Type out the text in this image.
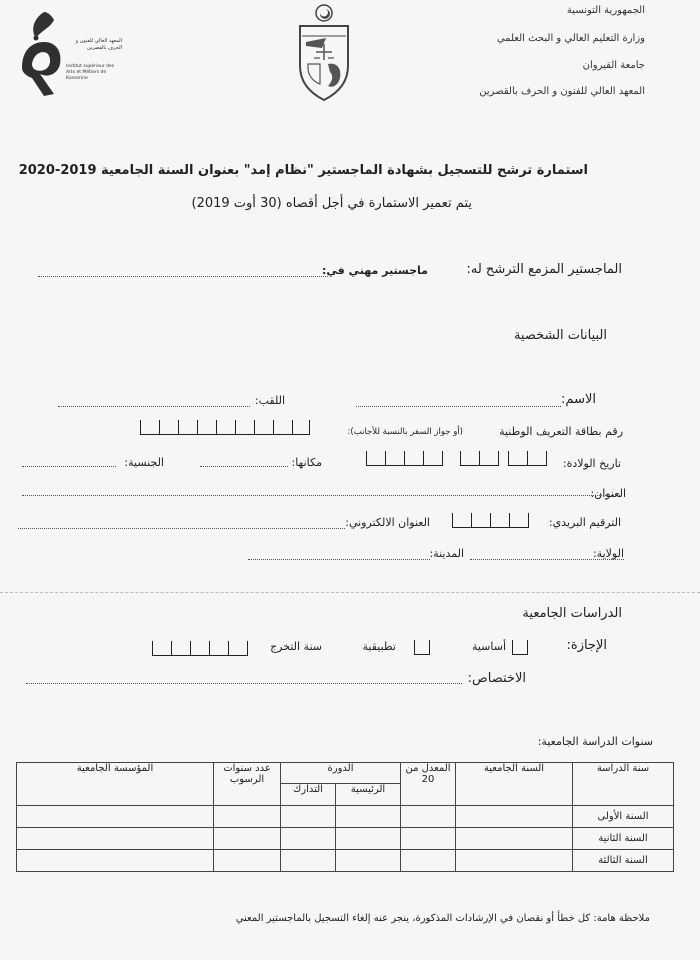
الجمهورية التونسية
وزارة التعليم العالي و البحث العلمي
جامعة القيروان
المعهد العالي للفنون و الحرف بالقصرين
المعهد العالي للفنون و الحرف بالقصرين
Institut supérieur des Arts et Métiers de Kasserine
استمارة ترشح للتسجيل بشهادة الماجستير "نظام إمد" بعنوان السنة الجامعية 2019-2020
يتم تعمير الاستمارة في أجل أقصاه (30 أوت 2019)
الماجستير المزمع الترشح له:
ماجستير مهني في:
البيانات الشخصية
الاسم:
اللقب:
رقم بطاقة التعريف الوطنية
(أو جواز السفر بالنسبة للأجانب):
تاريخ الولادة:
مكانها:
الجنسية:
العنوان:
الترقيم البريدي:
العنوان الالكتروني:
الولاية:
المدينة:
الدراسات الجامعية
الإجازة:
أساسية
تطبيقية
سنة التخرج
الاختصاص:
سنوات الدراسة الجامعية:
سنة الدراسة	السنة الجامعية	المعدل من 20	الدورة		عدد سنوات الرسوب	المؤسسة الجامعية
			الرئيسية	التدارك		
السنة الأولى						
السنة الثانية						
السنة الثالثة						
ملاحظة هامة: كل خطأ أو نقصان في الإرشادات المذكورة، ينجر عنه إلغاء التسجيل بالماجستير المعني
